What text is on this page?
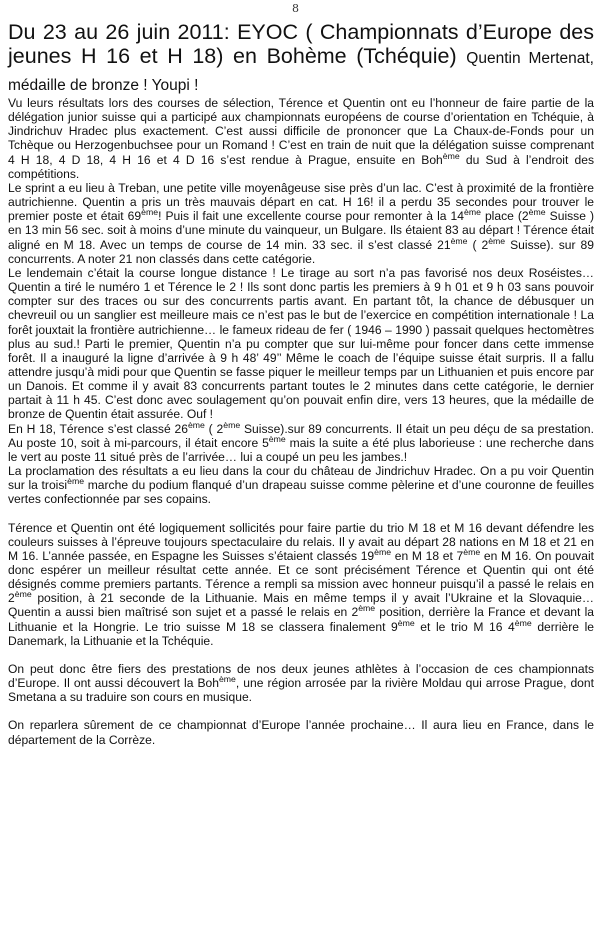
8
Du 23 au 26 juin 2011: EYOC ( Championnats d’Europe des jeunes H 16 et H 18) en Bohème (Tchéquie) Quentin Mertenat, médaille de bronze ! Youpi !

Vu leurs résultats lors des courses de sélection, Térence et Quentin ont eu l’honneur de faire partie de la délégation junior suisse qui a participé aux championnats européens de course d’orientation en Tchéquie, à Jindrichuv Hradec plus exactement. C’est aussi difficile de prononcer que La Chaux-de-Fonds pour un Tchèque ou Herzogenbuchsee pour un Romand ! C’est en train de nuit que la délégation suisse comprenant 4 H 18, 4 D 18, 4 H 16 et 4 D 16 s’est rendue à Prague, ensuite en Boh$^{ème}$ du Sud à l’endroit des compétitions.

Le sprint a eu lieu à Treban, une petite ville moyenâgeuse sise près d’un lac. C’est à proximité de la frontière autrichienne. Quentin a pris un très mauvais départ en cat. H 16! il a perdu 35 secondes pour trouver le premier poste et était 69ème! Puis il fait une excellente course pour remonter à la 14ème place (2ème Suisse ) en 13 min 56 sec. soit à moins d’une minute du vainqueur, un Bulgare. Ils étaient 83 au départ ! Térence était aligné en M 18. Avec un temps de course de 14 min. 33 sec. il s’est classé 21ème ( 2ème Suisse). sur 89 concurrents. A noter 21 non classés dans cette catégorie.

Le lendemain c’était la course longue distance ! Le tirage au sort n’a pas favorisé nos deux Roséistes… Quentin a tiré le numéro 1 et Térence le 2 ! Ils sont donc partis les premiers à 9 h 01 et 9 h 03 sans pouvoir compter sur des traces ou sur des concurrents partis avant. En partant tôt, la chance de débusquer un chevreuil ou un sanglier est meilleure mais ce n’est pas le but de l’exercice en compétition internationale ! La forêt jouxtait la frontière autrichienne… le fameux rideau de fer ( 1946 – 1990 ) passait quelques hectomètres plus au sud.! Parti le premier, Quentin n’a pu compter que sur lui-même pour foncer dans cette immense forêt. Il a inauguré la ligne d’arrivée à 9 h 48’ 49’’ Même le coach de l’équipe suisse était surpris. Il a fallu attendre jusqu’à midi pour que Quentin se fasse piquer le meilleur temps par un Lithuanien et puis encore par un Danois. Et comme il y avait 83 concurrents partant toutes le 2 minutes dans cette catégorie, le dernier partait à 11 h 45. C’est donc avec soulagement qu’on pouvait enfin dire, vers 13 heures, que la médaille de bronze de Quentin était assurée. Ouf !

En H 18, Térence s’est classé 26ème ( 2ème Suisse).sur 89 concurrents. Il était un peu déçu de sa prestation. Au poste 10, soit à mi-parcours, il était encore 5ème mais la suite a été plus laborieuse : une recherche dans le vert au poste 11 situé près de l’arrivée… lui a coupé un peu les jambes.!

La proclamation des résultats a eu lieu dans la cour du château de Jindrichuv Hradec. On a pu voir Quentin sur la troisi$^{ème}$ marche du podium flanqué d’un drapeau suisse comme pèlerine et d’une couronne de feuilles vertes confectionnée par ses copains.

Térence et Quentin ont été logiquement sollicités pour faire partie du trio M 18 et M 16 devant défendre les couleurs suisses à l’épreuve toujours spectaculaire du relais. Il y avait au départ 28 nations en M 18 et 21 en M 16. L’année passée, en Espagne les Suisses s’étaient classés 19ème en M 18 et 7ème en M 16. On pouvait donc espérer un meilleur résultat cette année. Et ce sont précisément Térence et Quentin qui ont été désignés comme premiers partants. Térence a rempli sa mission avec honneur puisqu’il a passé le relais en 2ème position, à 21 seconde de la Lithuanie. Mais en même temps il y avait l’Ukraine et la Slovaquie… Quentin a aussi bien maîtrisé son sujet et a passé le relais en 2ème position, derrière la France et devant la Lithuanie et la Hongrie. Le trio suisse M 18 se classera finalement 9ème et le trio M 16 4ème derrière le Danemark, la Lithuanie et la Tchéquie.

On peut donc être fiers des prestations de nos deux jeunes athlètes à l’occasion de ces championnats d’Europe. Il ont aussi découvert la Boh$^{ème}$, une région arrosée par la rivière Moldau qui arrose Prague, dont Smetana a su traduire son cours en musique.

On reparlera sûrement de ce championnat d’Europe l’année prochaine… Il aura lieu en France, dans le département de la Corrèze.
